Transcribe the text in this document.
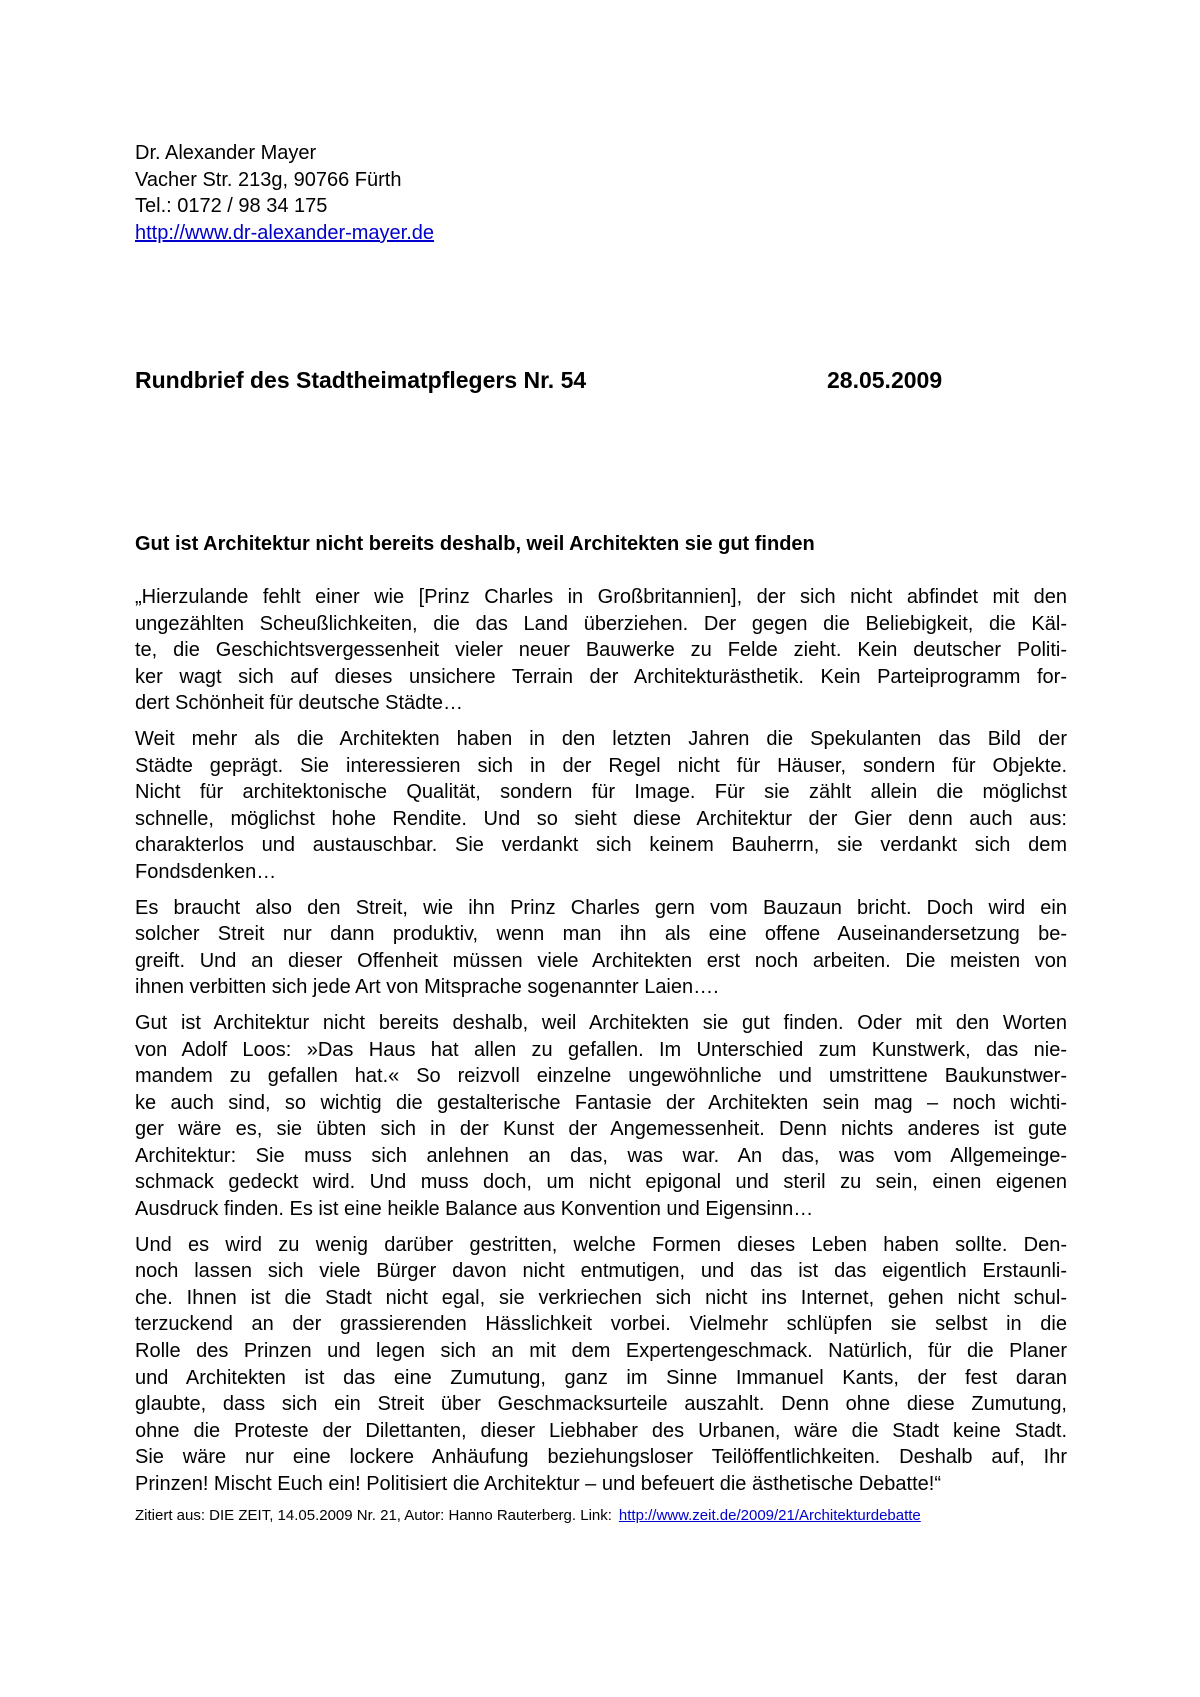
Dr. Alexander Mayer
Vacher Str. 213g, 90766 Fürth
Tel.: 0172 / 98 34 175
http://www.dr-alexander-mayer.de
Rundbrief des Stadtheimatpflegers Nr. 54	28.05.2009
Gut ist Architektur nicht bereits deshalb, weil Architekten sie gut finden
„Hierzulande fehlt einer wie [Prinz Charles in Großbritannien], der sich nicht abfindet mit den
ungezählten Scheußlichkeiten, die das Land überziehen. Der gegen die Beliebigkeit, die Käl-
te, die Geschichtsvergessenheit vieler neuer Bauwerke zu Felde zieht. Kein deutscher Politi-
ker wagt sich auf dieses unsichere Terrain der Architekturästhetik. Kein Parteiprogramm for-
dert Schönheit für deutsche Städte…
Weit mehr als die Architekten haben in den letzten Jahren die Spekulanten das Bild der
Städte geprägt. Sie interessieren sich in der Regel nicht für Häuser, sondern für Objekte.
Nicht für architektonische Qualität, sondern für Image. Für sie zählt allein die möglichst
schnelle, möglichst hohe Rendite. Und so sieht diese Architektur der Gier denn auch aus:
charakterlos und austauschbar. Sie verdankt sich keinem Bauherrn, sie verdankt sich dem
Fondsdenken…
Es braucht also den Streit, wie ihn Prinz Charles gern vom Bauzaun bricht. Doch wird ein
solcher Streit nur dann produktiv, wenn man ihn als eine offene Auseinandersetzung be-
greift. Und an dieser Offenheit müssen viele Architekten erst noch arbeiten. Die meisten von
ihnen verbitten sich jede Art von Mitsprache sogenannter Laien….
Gut ist Architektur nicht bereits deshalb, weil Architekten sie gut finden. Oder mit den Worten
von Adolf Loos: »Das Haus hat allen zu gefallen. Im Unterschied zum Kunstwerk, das nie-
mandem zu gefallen hat.« So reizvoll einzelne ungewöhnliche und umstrittene Baukunstwer-
ke auch sind, so wichtig die gestalterische Fantasie der Architekten sein mag – noch wichti-
ger wäre es, sie übten sich in der Kunst der Angemessenheit. Denn nichts anderes ist gute
Architektur: Sie muss sich anlehnen an das, was war. An das, was vom Allgemeinge-
schmack gedeckt wird. Und muss doch, um nicht epigonal und steril zu sein, einen eigenen
Ausdruck finden. Es ist eine heikle Balance aus Konvention und Eigensinn…
Und es wird zu wenig darüber gestritten, welche Formen dieses Leben haben sollte. Den-
noch lassen sich viele Bürger davon nicht entmutigen, und das ist das eigentlich Erstaunli-
che. Ihnen ist die Stadt nicht egal, sie verkriechen sich nicht ins Internet, gehen nicht schul-
terzuckend an der grassierenden Hässlichkeit vorbei. Vielmehr schlüpfen sie selbst in die
Rolle des Prinzen und legen sich an mit dem Expertengeschmack. Natürlich, für die Planer
und Architekten ist das eine Zumutung, ganz im Sinne Immanuel Kants, der fest daran
glaubte, dass sich ein Streit über Geschmacksurteile auszahlt. Denn ohne diese Zumutung,
ohne die Proteste der Dilettanten, dieser Liebhaber des Urbanen, wäre die Stadt keine Stadt.
Sie wäre nur eine lockere Anhäufung beziehungsloser Teilöffentlichkeiten. Deshalb auf, Ihr
Prinzen! Mischt Euch ein! Politisiert die Architektur – und befeuert die ästhetische Debatte!“
Zitiert aus: DIE ZEIT, 14.05.2009 Nr. 21, Autor: Hanno Rauterberg. Link: http://www.zeit.de/2009/21/Architekturdebatte
